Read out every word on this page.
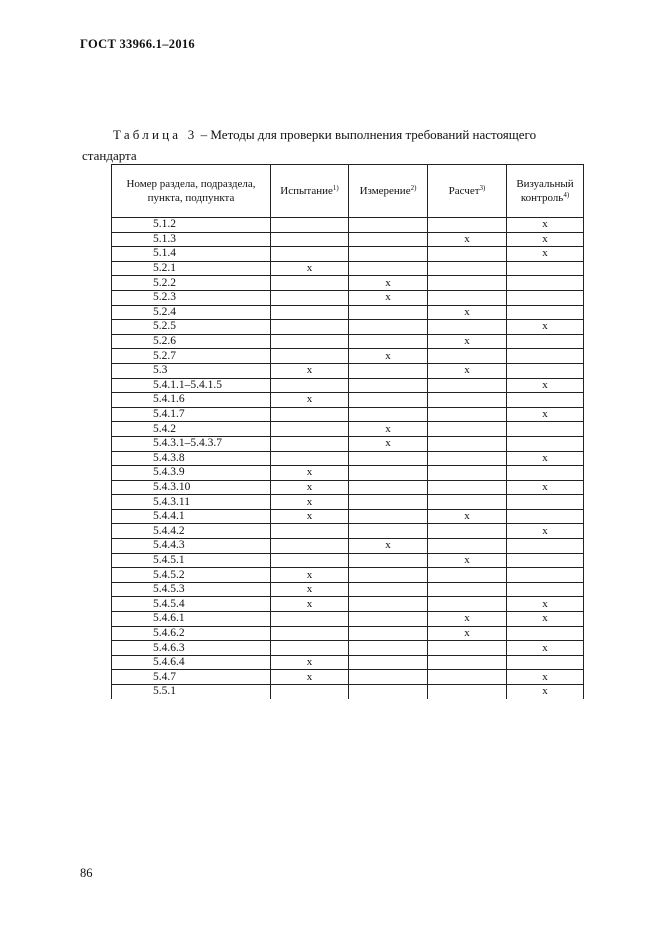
ГОСТ 33966.1–2016
Таблица 3 – Методы для проверки выполнения требований настоящего
стандарта
Номер раздела, подраздела, пункта, подпункта	Испытание$^{1)}$	Измерение$^{2)}$	Расчет$^{3)}$	Визуальный контроль$^{4)}$
5.1.2				x
5.1.3			x	x
5.1.4				x
5.2.1	x			
5.2.2		x		
5.2.3		x		
5.2.4			x	
5.2.5				x
5.2.6			x	
5.2.7		x		
5.3	x		x	
5.4.1.1–5.4.1.5				x
5.4.1.6	x			
5.4.1.7				x
5.4.2		x		
5.4.3.1–5.4.3.7		x		
5.4.3.8				x
5.4.3.9	x			
5.4.3.10	x			x
5.4.3.11	x			
5.4.4.1	x		x	
5.4.4.2				x
5.4.4.3		x		
5.4.5.1			x	
5.4.5.2	x			
5.4.5.3	x			
5.4.5.4	x			x
5.4.6.1			x	x
5.4.6.2			x	
5.4.6.3				x
5.4.6.4	x			
5.4.7	x			x
5.5.1				x
86
